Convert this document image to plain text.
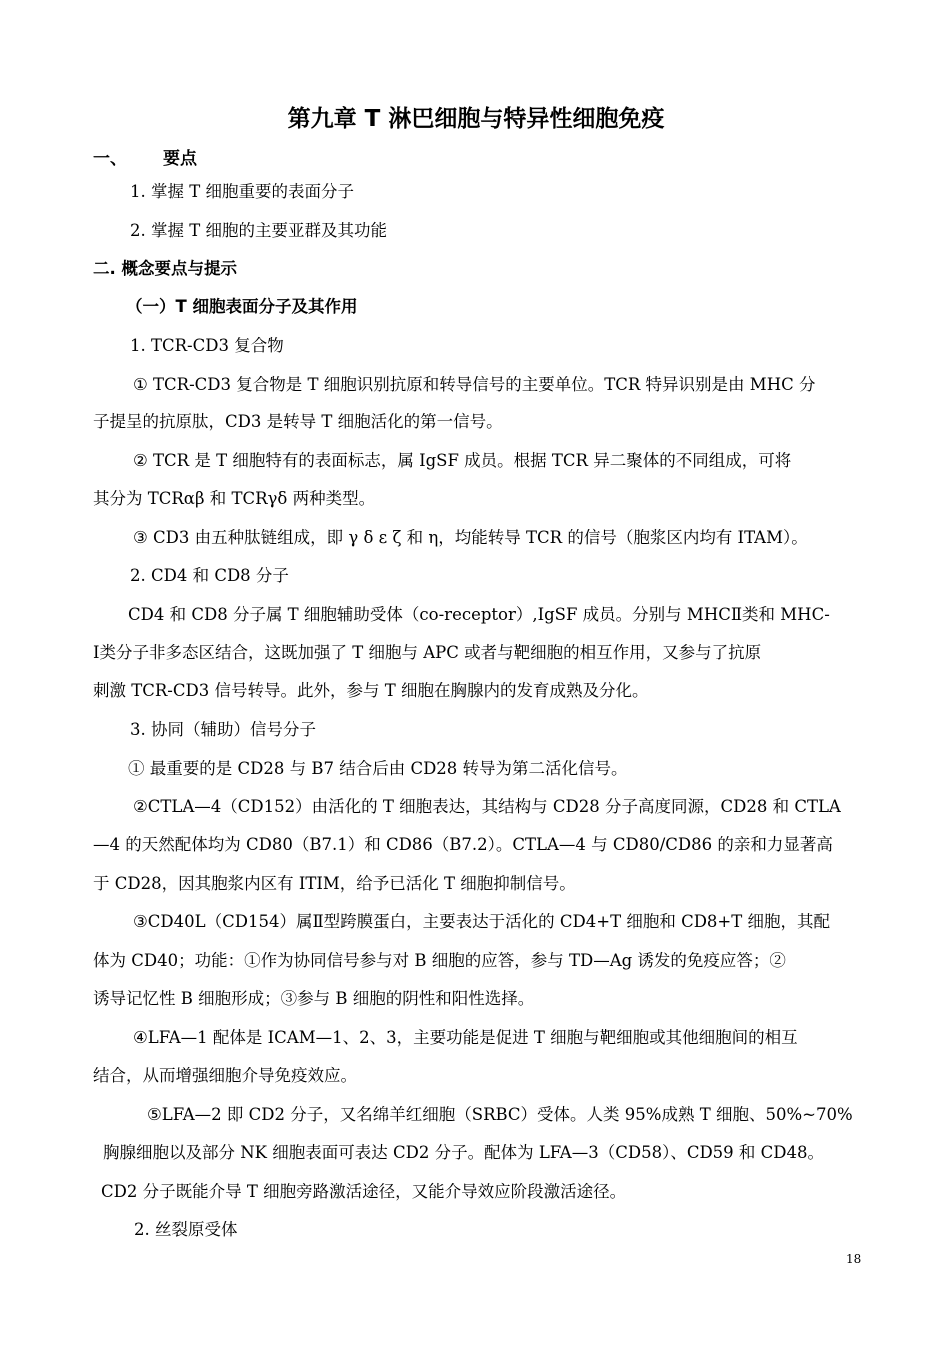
第九章 T 淋巴细胞与特异性细胞免疫
一、 要点
1. 掌握 T 细胞重要的表面分子
2. 掌握 T 细胞的主要亚群及其功能
二. 概念要点与提示
（一）T 细胞表面分子及其作用
1. TCR-CD3 复合物
① TCR-CD3 复合物是 T 细胞识别抗原和转导信号的主要单位。TCR 特异识别是由 MHC 分
子提呈的抗原肽，CD3 是转导 T 细胞活化的第一信号。
② TCR 是 T 细胞特有的表面标志，属 IgSF 成员。根据 TCR 异二聚体的不同组成，可将
其分为 TCRαβ 和 TCRγδ 两种类型。
③ CD3 由五种肽链组成，即 γ δ ε ζ 和 η，均能转导 TCR 的信号（胞浆区内均有 ITAM）。
2. CD4 和 CD8 分子
CD4 和 CD8 分子属 T 细胞辅助受体（co-receptor）,IgSF 成员。分别与 MHCⅡ类和 MHC-
Ⅰ类分子非多态区结合，这既加强了 T 细胞与 APC 或者与靶细胞的相互作用，又参与了抗原
刺激 TCR-CD3 信号转导。此外，参与 T 细胞在胸腺内的发育成熟及分化。
3. 协同（辅助）信号分子
① 最重要的是 CD28 与 B7 结合后由 CD28 转导为第二活化信号。
②CTLA—4（CD152）由活化的 T 细胞表达，其结构与 CD28 分子高度同源，CD28 和 CTLA
—4 的天然配体均为 CD80（B7.1）和 CD86（B7.2）。CTLA—4 与 CD80/CD86 的亲和力显著高
于 CD28，因其胞浆内区有 ITIM，给予已活化 T 细胞抑制信号。
③CD40L（CD154）属Ⅱ型跨膜蛋白，主要表达于活化的 CD4+T 细胞和 CD8+T 细胞，其配
体为 CD40；功能：①作为协同信号参与对 B 细胞的应答，参与 TD—Ag 诱发的免疫应答；②
诱导记忆性 B 细胞形成；③参与 B 细胞的阴性和阳性选择。
④LFA—1 配体是 ICAM—1、2、3，主要功能是促进 T 细胞与靶细胞或其他细胞间的相互
结合，从而增强细胞介导免疫效应。
⑤LFA—2 即 CD2 分子，又名绵羊红细胞（SRBC）受体。人类 95%成熟 T 细胞、50%~70%
胸腺细胞以及部分 NK 细胞表面可表达 CD2 分子。配体为 LFA—3（CD58）、CD59 和 CD48。
CD2 分子既能介导 T 细胞旁路激活途径，又能介导效应阶段激活途径。
2. 丝裂原受体
18
